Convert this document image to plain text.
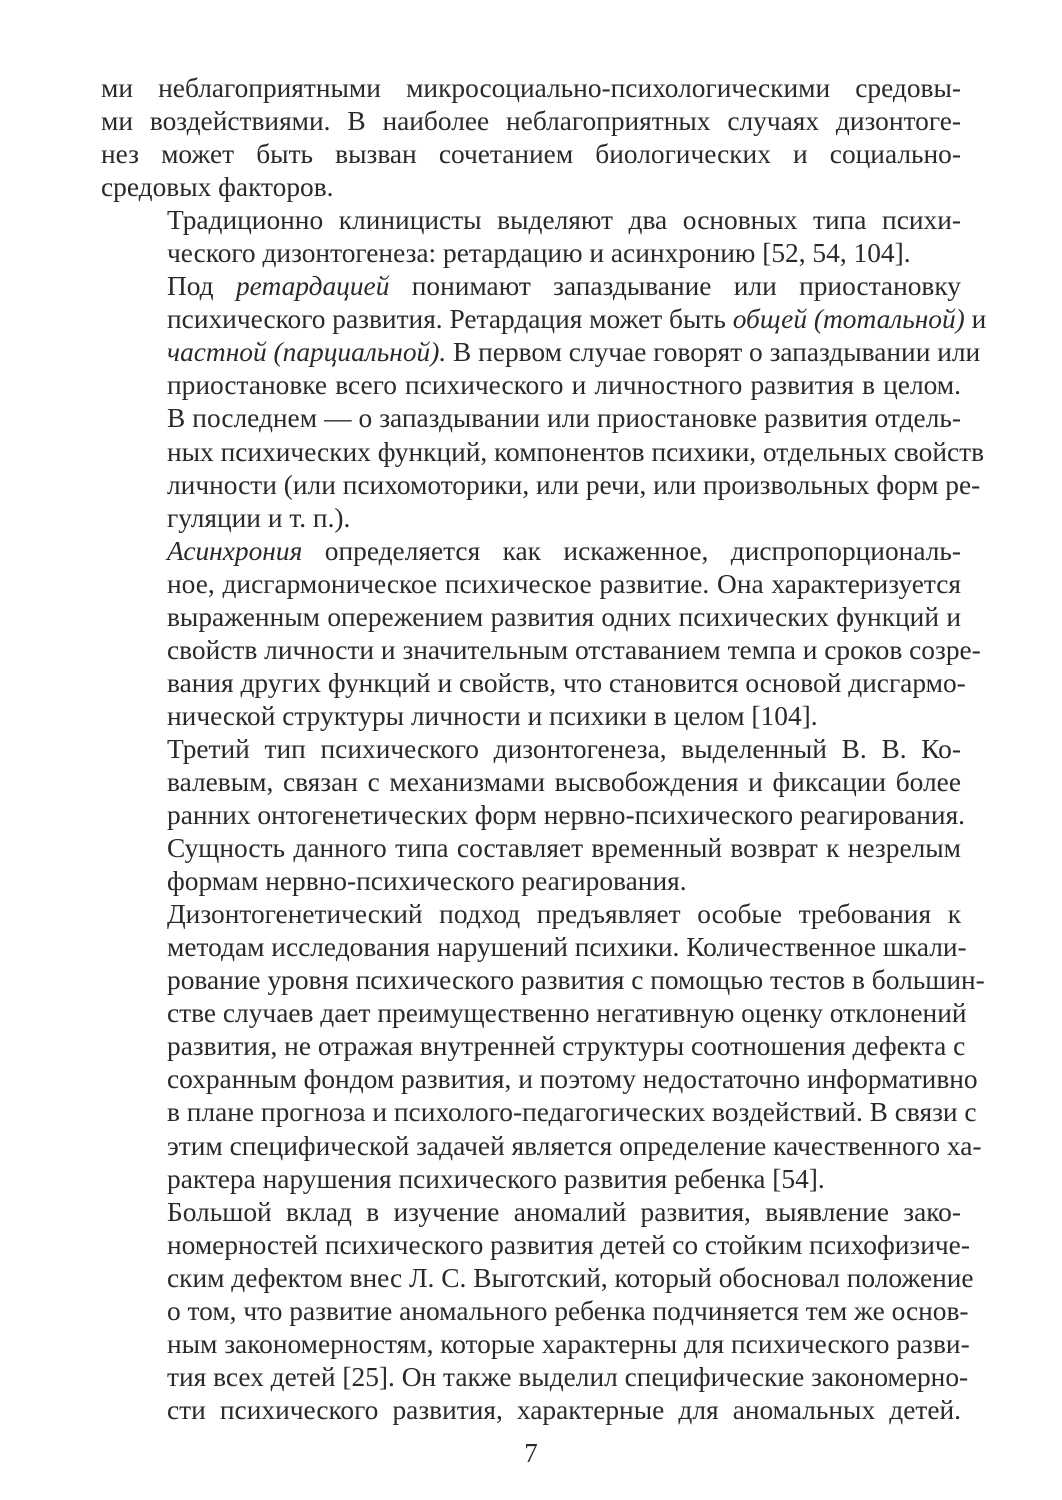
ми неблагоприятными микросоциально-психологическими средовы-
ми воздействиями. В наиболее неблагоприятных случаях дизонтоге-
нез может быть вызван сочетанием биологических и социально-
средовых факторов.
Традиционно клиницисты выделяют два основных типа психи-
ческого дизонтогенеза: ретардацию и асинхронию [52, 54, 104].
Под ретардацией понимают запаздывание или приостановку
психического развития. Ретардация может быть общей (тотальной) и
частной (парциальной). В первом случае говорят о запаздывании или
приостановке всего психического и личностного развития в целом.
В последнем — о запаздывании или приостановке развития отдель-
ных психических функций, компонентов психики, отдельных свойств
личности (или психомоторики, или речи, или произвольных форм ре-
гуляции и т. п.).
Асинхрония определяется как искаженное, диспропорциональ-
ное, дисгармоническое психическое развитие. Она характеризуется
выраженным опережением развития одних психических функций и
свойств личности и значительным отставанием темпа и сроков созре-
вания других функций и свойств, что становится основой дисгармо-
нической структуры личности и психики в целом [104].
Третий тип психического дизонтогенеза, выделенный В. В. Ко-
валевым, связан с механизмами высвобождения и фиксации более
ранних онтогенетических форм нервно-психического реагирования.
Сущность данного типа составляет временный возврат к незрелым
формам нервно-психического реагирования.
Дизонтогенетический подход предъявляет особые требования к
методам исследования нарушений психики. Количественное шкали-
рование уровня психического развития с помощью тестов в большин-
стве случаев дает преимущественно негативную оценку отклонений
развития, не отражая внутренней структуры соотношения дефекта с
сохранным фондом развития, и поэтому недостаточно информативно
в плане прогноза и психолого-педагогических воздействий. В связи с
этим специфической задачей является определение качественного ха-
рактера нарушения психического развития ребенка [54].
Большой вклад в изучение аномалий развития, выявление зако-
номерностей психического развития детей со стойким психофизиче-
ским дефектом внес Л. С. Выготский, который обосновал положение
о том, что развитие аномального ребенка подчиняется тем же основ-
ным закономерностям, которые характерны для психического разви-
тия всех детей [25]. Он также выделил специфические закономерно-
сти психического развития, характерные для аномальных детей.
7
